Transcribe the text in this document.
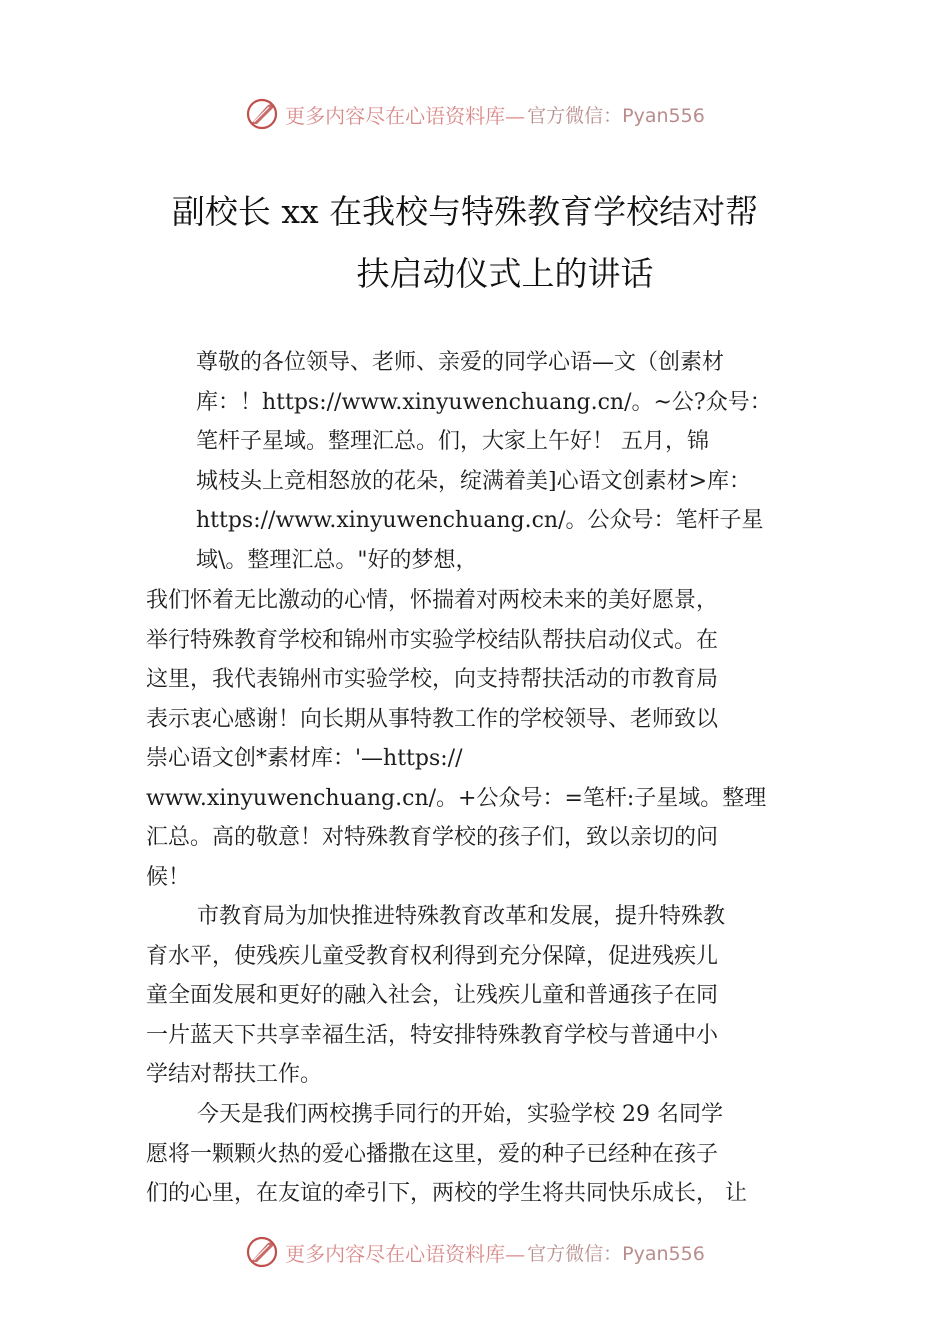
更多内容尽在心语资料库— 官方微信：Pyan556
副校长 xx 在我校与特殊教育学校结对帮
扶启动仪式上的讲话
尊敬的各位领导、老师、亲爱的同学心语—文（创素材
库：！https://www.xinyuwenchuang.cn/。~公?众号：
笔杆子星域。整理汇总。们，大家上午好！ 五月，锦
城枝头上竞相怒放的花朵，绽满着美]心语文创素材>库：
https://www.xinyuwenchuang.cn/。公众号：笔杆子星
域\。整理汇总。"好的梦想，
我们怀着无比激动的心情，怀揣着对两校未来的美好愿景，
举行特殊教育学校和锦州市实验学校结队帮扶启动仪式。在
这里，我代表锦州市实验学校，向支持帮扶活动的市教育局
表示衷心感谢！向长期从事特教工作的学校领导、老师致以
崇心语文创*素材库：'—https://
www.xinyuwenchuang.cn/。+公众号：=笔杆:子星域。整理
汇总。高的敬意！对特殊教育学校的孩子们，致以亲切的问
候！
市教育局为加快推进特殊教育改革和发展，提升特殊教
育水平，使残疾儿童受教育权利得到充分保障，促进残疾儿
童全面发展和更好的融入社会，让残疾儿童和普通孩子在同
一片蓝天下共享幸福生活，特安排特殊教育学校与普通中小
学结对帮扶工作。
今天是我们两校携手同行的开始，实验学校 29 名同学
愿将一颗颗火热的爱心播撒在这里，爱的种子已经种在孩子
们的心里，在友谊的牵引下，两校的学生将共同快乐成长， 让
更多内容尽在心语资料库— 官方微信：Pyan556
